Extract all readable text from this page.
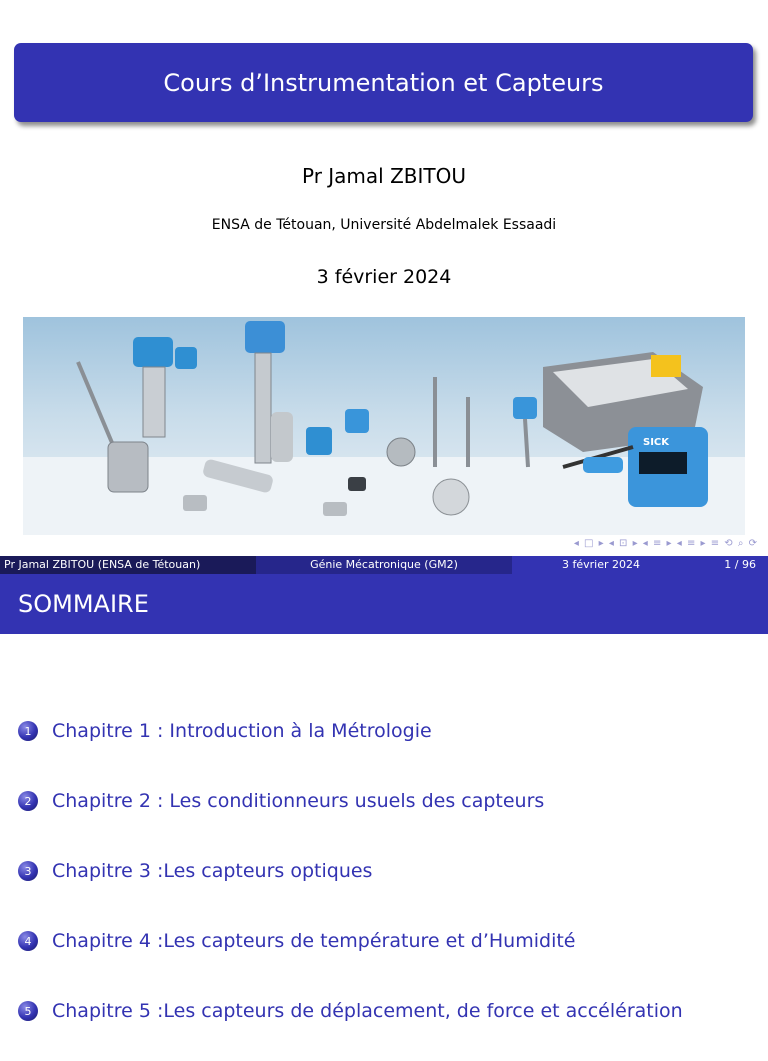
Cours d’Instrumentation et Capteurs
Pr Jamal ZBITOU
ENSA de Tétouan, Université Abdelmalek Essaadi
3 février 2024
SICK
◂ □ ▸ ◂ ⊡ ▸ ◂ ≡ ▸ ◂ ≡ ▸ ≡ ⟲ ⌕ ⟳
Pr Jamal ZBITOU (ENSA de Tétouan)	Génie Mécatronique (GM2)	3 février 2024	1 / 96
SOMMAIRE
1	Chapitre 1 : Introduction à la Métrologie
2	Chapitre 2 : Les conditionneurs usuels des capteurs
3	Chapitre 3 :Les capteurs optiques
4	Chapitre 4 :Les capteurs de température et d’Humidité
5	Chapitre 5 :Les capteurs de déplacement, de force et accélération
